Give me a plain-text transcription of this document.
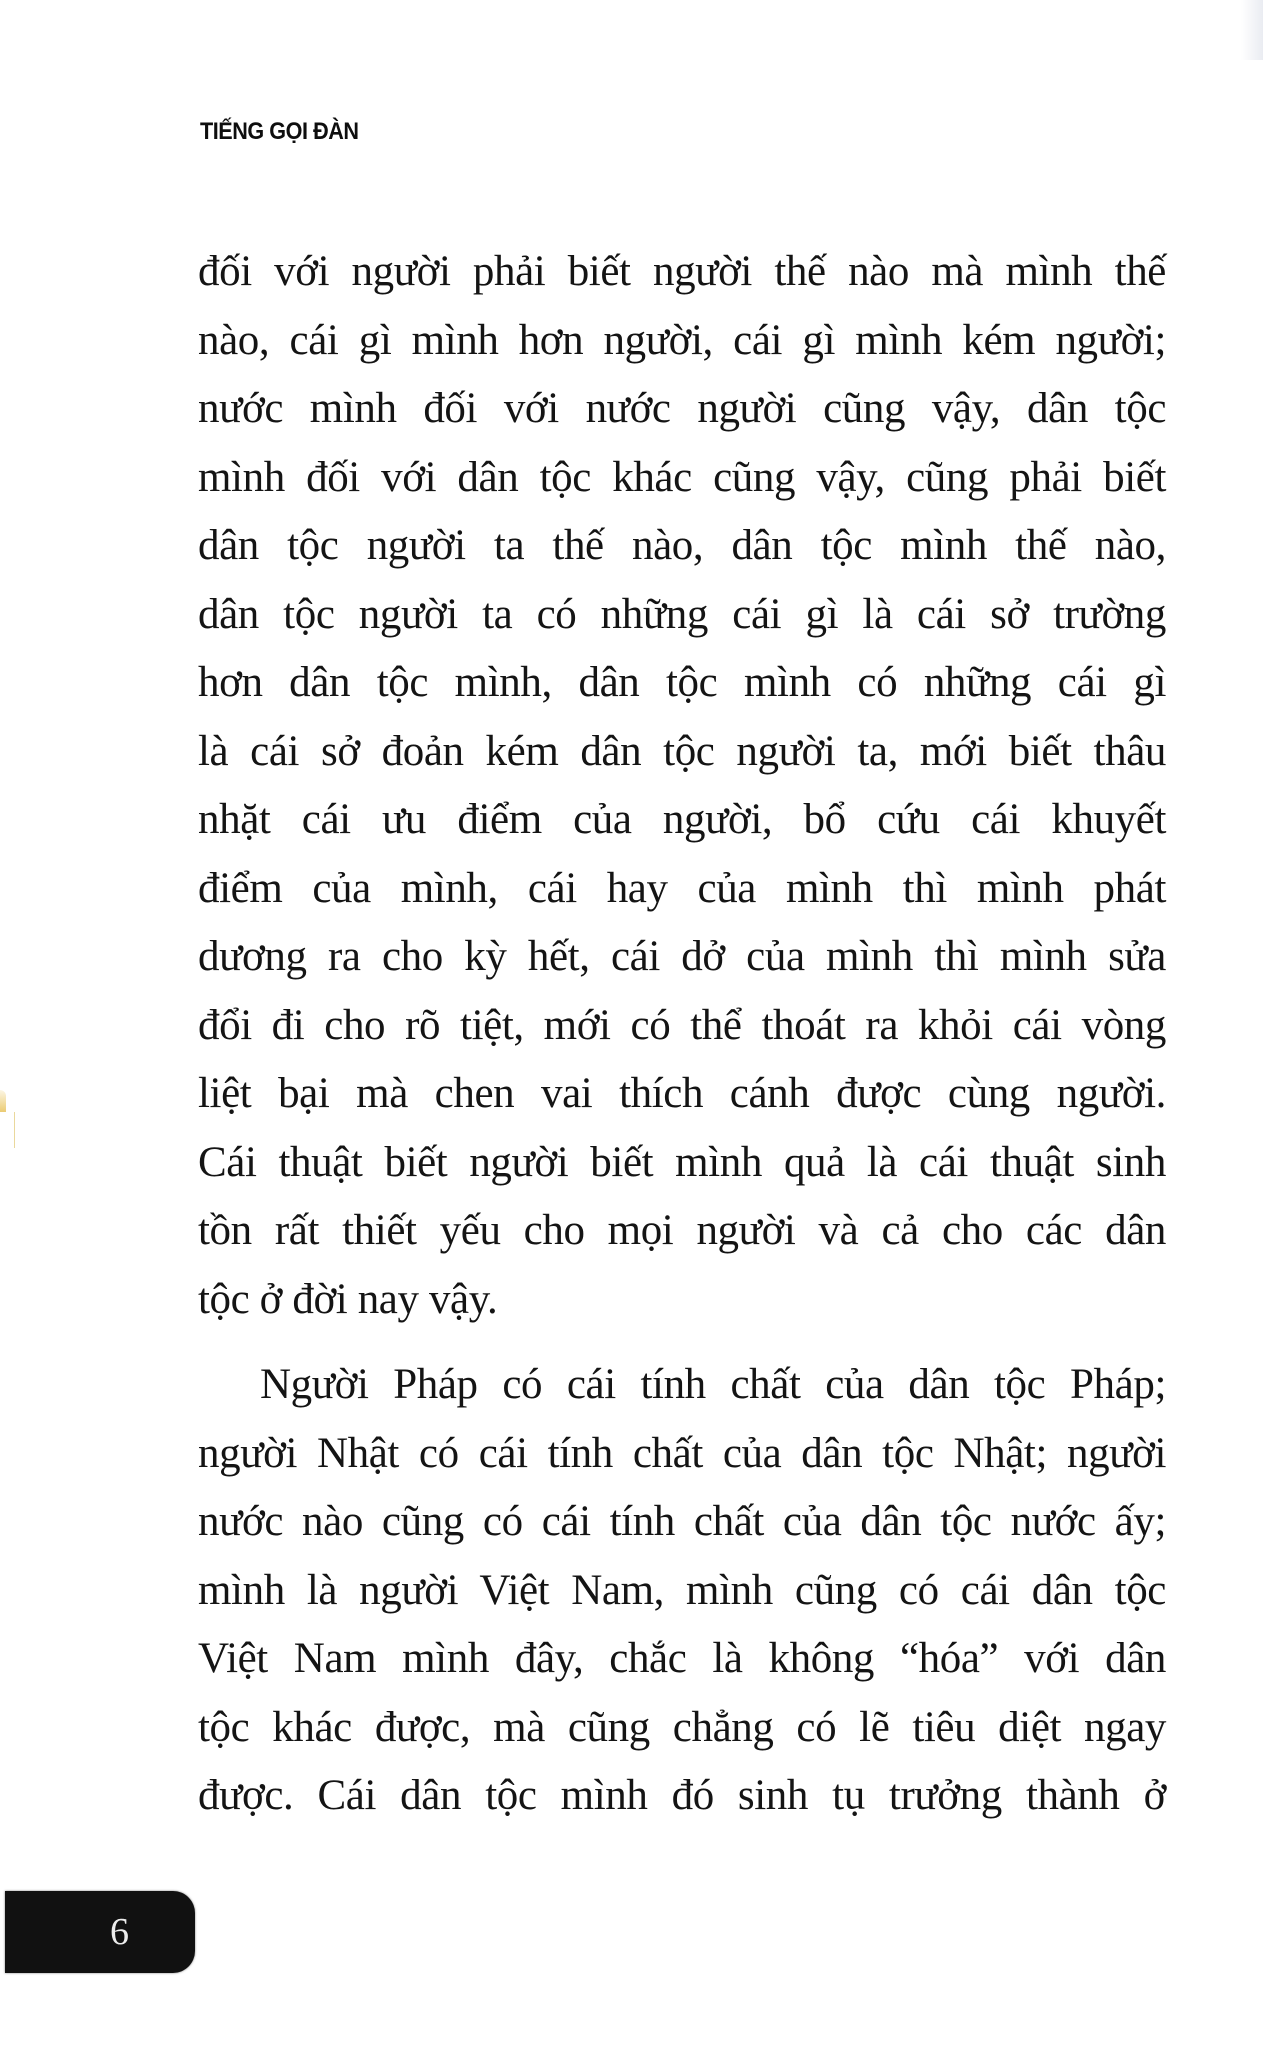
TIẾNG GỌI ĐÀN
đối với người phải biết người thế nào mà mình thế
nào, cái gì mình hơn người, cái gì mình kém người;
nước mình đối với nước người cũng vậy, dân tộc
mình đối với dân tộc khác cũng vậy, cũng phải biết
dân tộc người ta thế nào, dân tộc mình thế nào,
dân tộc người ta có những cái gì là cái sở trường
hơn dân tộc mình, dân tộc mình có những cái gì
là cái sở đoản kém dân tộc người ta, mới biết thâu
nhặt cái ưu điểm của người, bổ cứu cái khuyết
điểm của mình, cái hay của mình thì mình phát
dương ra cho kỳ hết, cái dở của mình thì mình sửa
đổi đi cho rõ tiệt, mới có thể thoát ra khỏi cái vòng
liệt bại mà chen vai thích cánh được cùng người.
Cái thuật biết người biết mình quả là cái thuật sinh
tồn rất thiết yếu cho mọi người và cả cho các dân
tộc ở đời nay vậy.
Người Pháp có cái tính chất của dân tộc Pháp;
người Nhật có cái tính chất của dân tộc Nhật; người
nước nào cũng có cái tính chất của dân tộc nước ấy;
mình là người Việt Nam, mình cũng có cái dân tộc
Việt Nam mình đây, chắc là không “hóa” với dân
tộc khác được, mà cũng chẳng có lẽ tiêu diệt ngay
được. Cái dân tộc mình đó sinh tụ trưởng thành ở
6
